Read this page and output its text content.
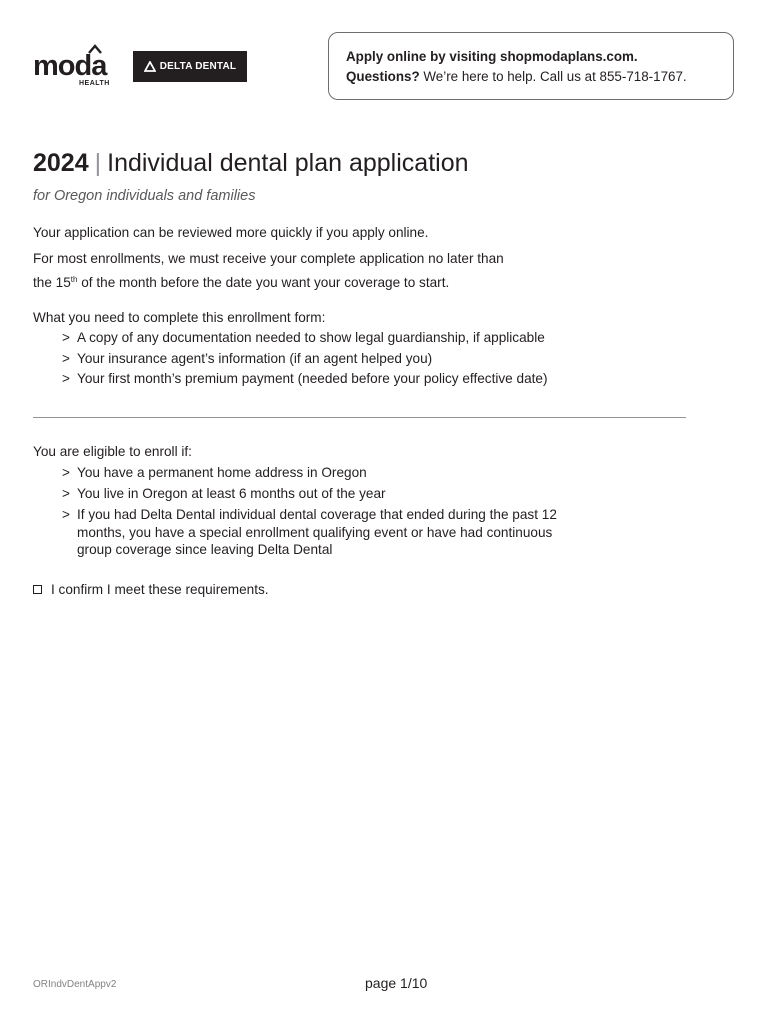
moda
HEALTH
DELTA DENTAL
Apply online by visiting shopmodaplans.com.
Questions? We’re here to help. Call us at 855-718-1767.
2024 | Individual dental plan application
for Oregon individuals and families
Your application can be reviewed more quickly if you apply online.
For most enrollments, we must receive your complete application no later than
the 15th of the month before the date you want your coverage to start.
What you need to complete this enrollment form:
> A copy of any documentation needed to show legal guardianship, if applicable
> Your insurance agent’s information (if an agent helped you)
> Your first month’s premium payment (needed before your policy effective date)
You are eligible to enroll if:
> You have a permanent home address in Oregon
> You live in Oregon at least 6 months out of the year
> If you had Delta Dental individual dental coverage that ended during the past 12
months, you have a special enrollment qualifying event or have had continuous
group coverage since leaving Delta Dental
I confirm I meet these requirements.
ORIndvDentAppv2	page 1/10
